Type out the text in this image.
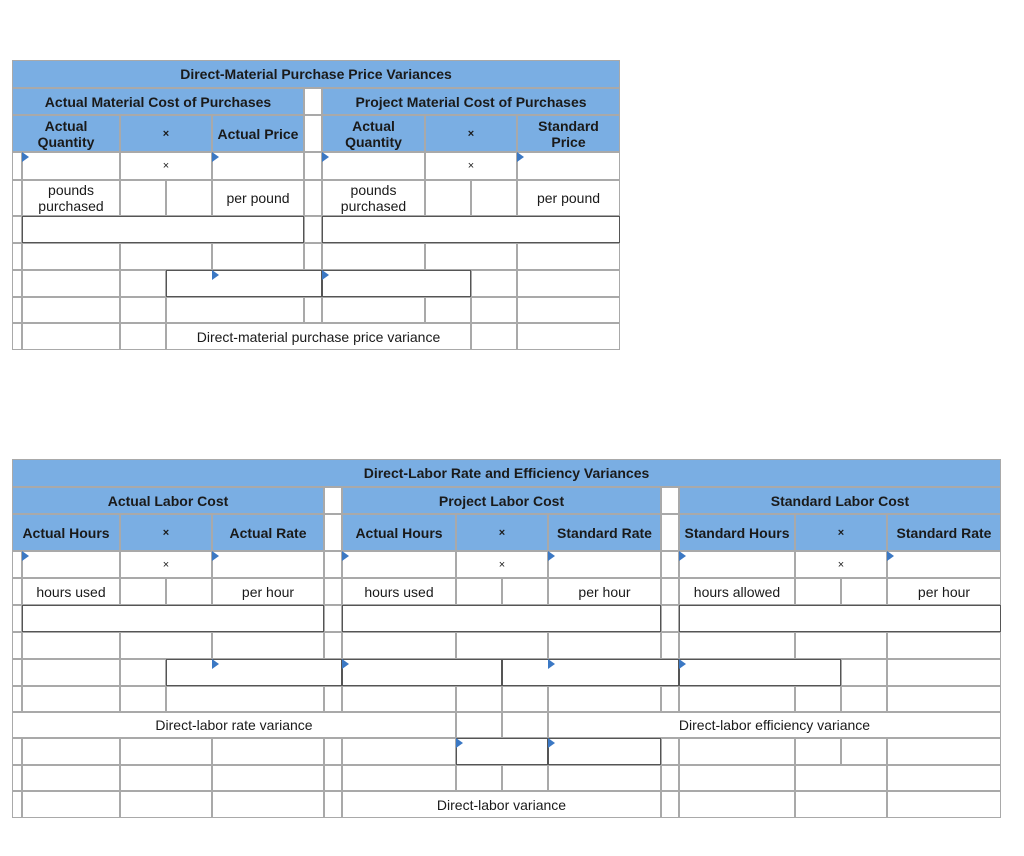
Direct-Material Purchase Price Variances
Actual Material Cost of Purchases	Project Material Cost of Purchases
Actual Quantity	×	Actual Price	Actual Quantity	×	Standard Price
×	×
pounds purchased	per pound	pounds purchased	per pound
Direct-material purchase price variance
Direct-Labor Rate and Efficiency Variances
Actual Labor Cost	Project Labor Cost	Standard Labor Cost
Actual Hours	×	Actual Rate	Actual Hours	×	Standard Rate	Standard Hours	×	Standard Rate
×	×	×
hours used	per hour	hours used	per hour	hours allowed	per hour
Direct-labor rate variance	Direct-labor efficiency variance
Direct-labor variance
